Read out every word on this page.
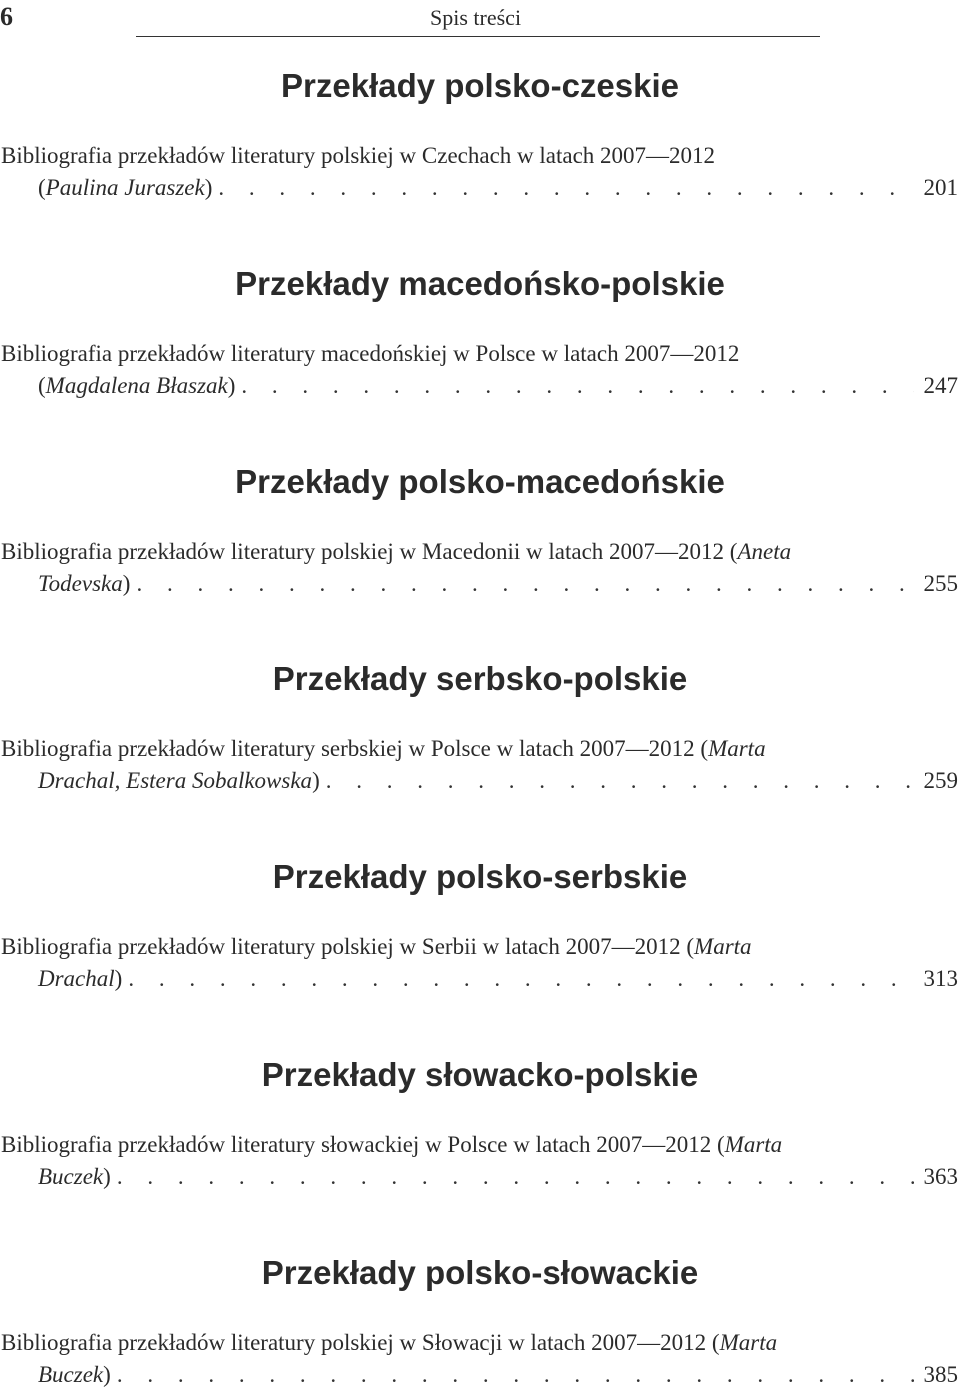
6	Spis treści
Przekłady polsko-czeskie
Bibliografia przekładów literatury polskiej w Czechach w latach 2007—2012
( Paulina Juraszek ) . . .	201
Przekłady macedońsko-polskie
Bibliografia przekładów literatury macedońskiej w Polsce w latach 2007—2012
( Magdalena Błaszak ) . . .	247
Przekłady polsko-macedońskie
Bibliografia przekładów literatury polskiej w Macedonii w latach 2007—2012 (Aneta
Todevska ) . . .	255
Przekłady serbsko-polskie
Bibliografia przekładów literatury serbskiej w Polsce w latach 2007—2012 (Marta
Drachal, Estera Sobalkowska ) . . .	259
Przekłady polsko-serbskie
Bibliografia przekładów literatury polskiej w Serbii w latach 2007—2012 (Marta
Drachal ) . . .	313
Przekłady słowacko-polskie
Bibliografia przekładów literatury słowackiej w Polsce w latach 2007—2012 (Marta
Buczek ) . . .	363
Przekłady polsko-słowackie
Bibliografia przekładów literatury polskiej w Słowacji w latach 2007—2012 (Marta
Buczek ) . . .	385
